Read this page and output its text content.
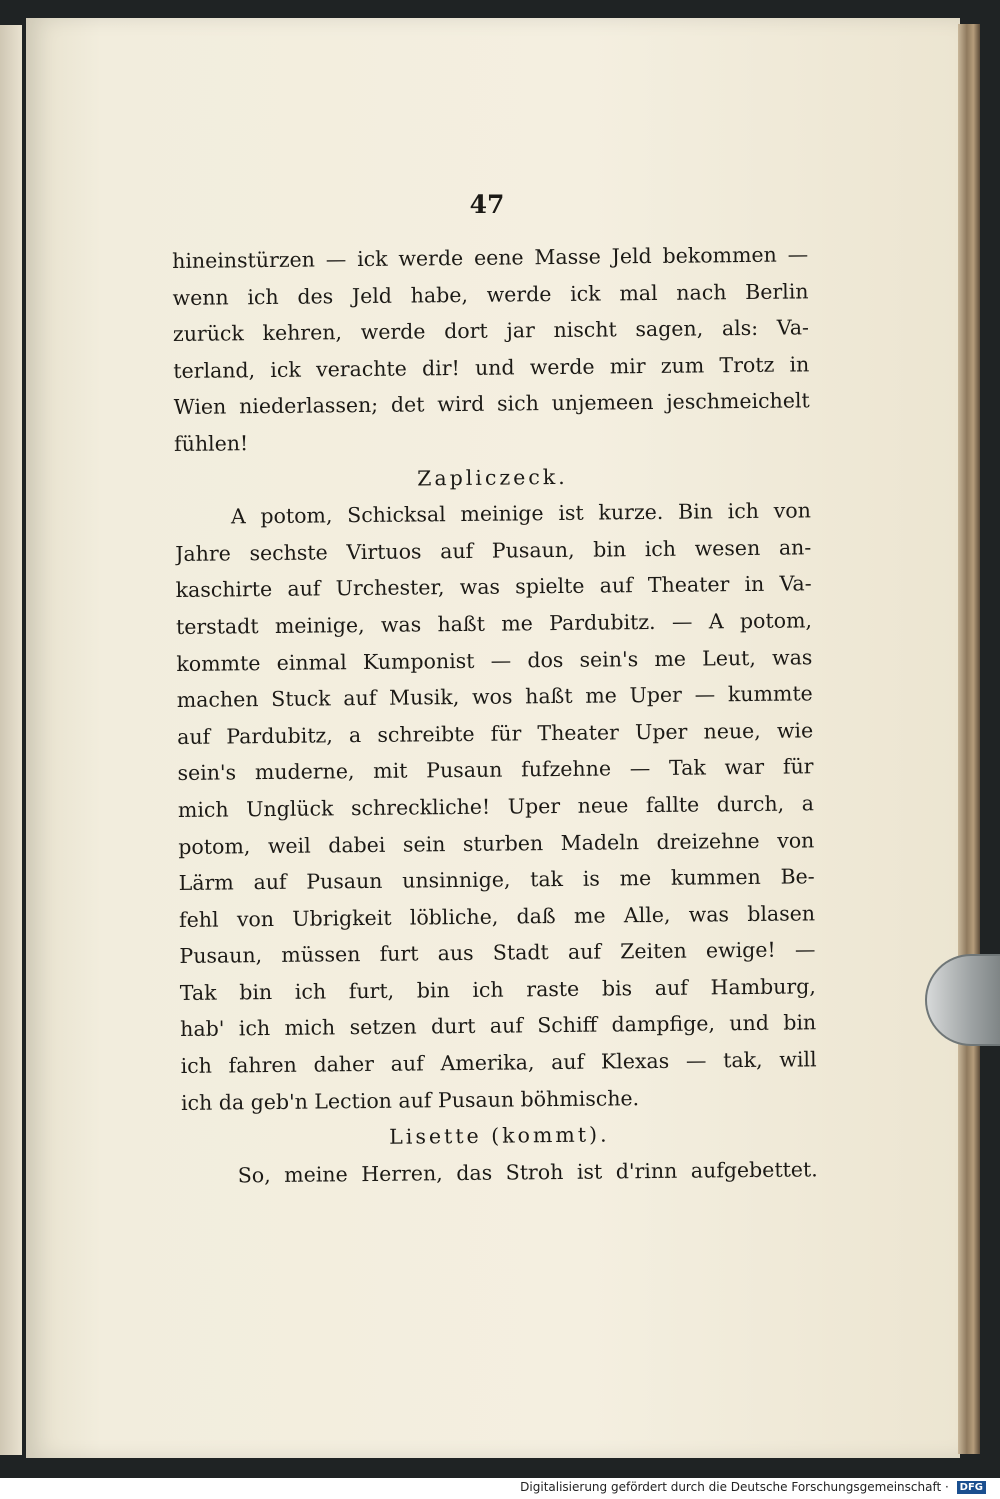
47
hineinstürzen — ick werde eene Masse Jeld bekommen —
wenn ich des Jeld habe, werde ick mal nach Berlin
zurück kehren, werde dort jar nischt sagen, als: Va-
terland, ick verachte dir! und werde mir zum Trotz in
Wien niederlassen; det wird sich unjemeen jeschmeichelt
fühlen!
Zapliczeck.
A potom, Schicksal meinige ist kurze. Bin ich von
Jahre sechste Virtuos auf Pusaun, bin ich wesen an-
kaschirte auf Urchester, was spielte auf Theater in Va-
terstadt meinige, was haßt me Pardubitz. — A potom,
kommte einmal Kumponist — dos sein's me Leut, was
machen Stuck auf Musik, wos haßt me Uper — kummte
auf Pardubitz, a schreibte für Theater Uper neue, wie
sein's muderne, mit Pusaun fufzehne — Tak war für
mich Unglück schreckliche! Uper neue fallte durch, a
potom, weil dabei sein sturben Madeln dreizehne von
Lärm auf Pusaun unsinnige, tak is me kummen Be-
fehl von Ubrigkeit löbliche, daß me Alle, was blasen
Pusaun, müssen furt aus Stadt auf Zeiten ewige! —
Tak bin ich furt, bin ich raste bis auf Hamburg,
hab' ich mich setzen durt auf Schiff dampfige, und bin
ich fahren daher auf Amerika, auf Klexas — tak, will
ich da geb'n Lection auf Pusaun böhmische.
Lisette (kommt).
So, meine Herren, das Stroh ist d'rinn aufgebettet.
Digitalisierung gefördert durch die Deutsche Forschungsgemeinschaft · DFG
